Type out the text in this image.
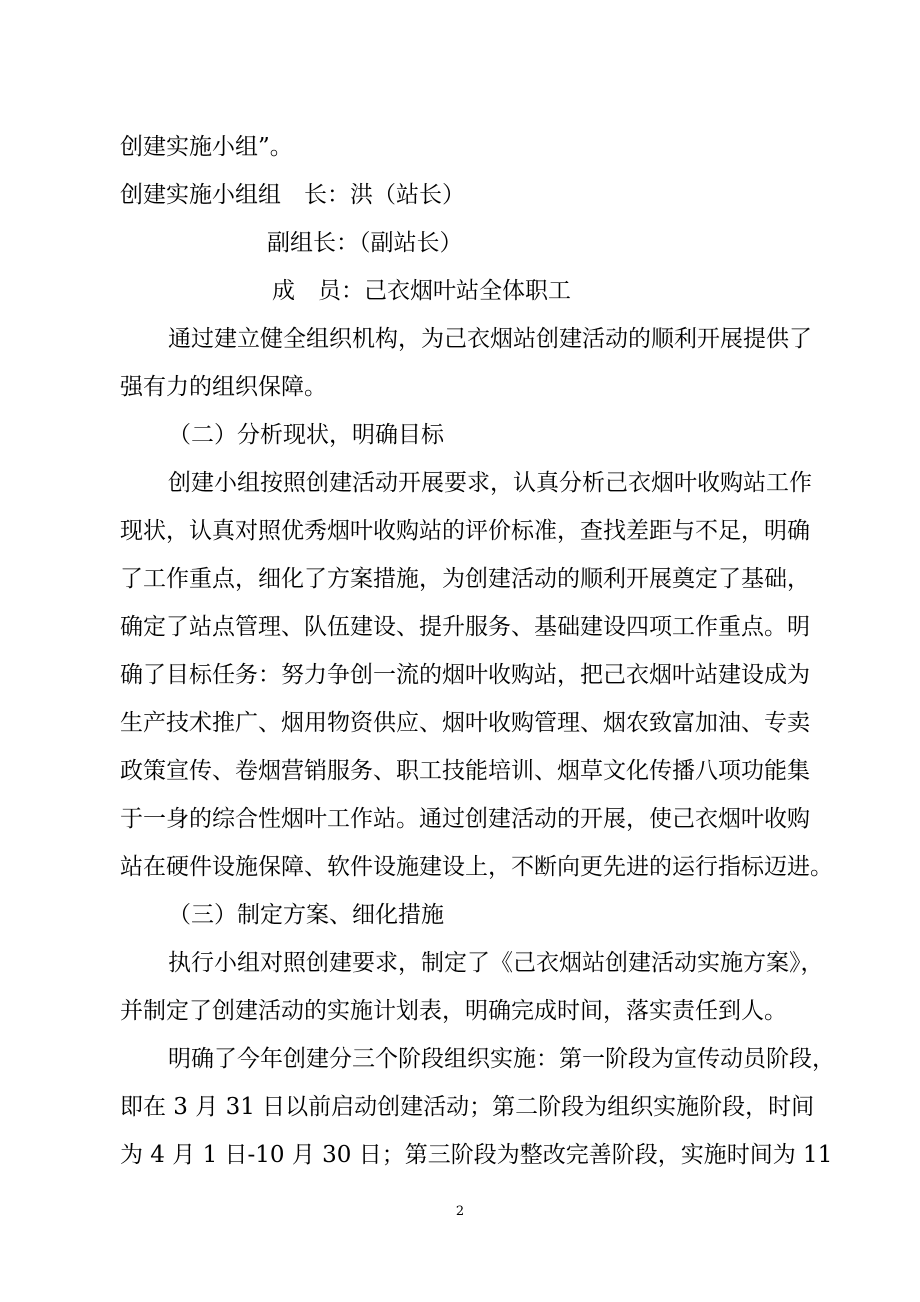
创建实施小组”。
创建实施小组组　长：洪（站长）
副组长：（副站长）
成　员：己衣烟叶站全体职工
通过建立健全组织机构，为己衣烟站创建活动的顺利开展提供了
强有力的组织保障。
（二）分析现状，明确目标
创建小组按照创建活动开展要求，认真分析己衣烟叶收购站工作
现状，认真对照优秀烟叶收购站的评价标准，查找差距与不足，明确
了工作重点，细化了方案措施，为创建活动的顺利开展奠定了基础，
确定了站点管理、队伍建设、提升服务、基础建设四项工作重点。明
确了目标任务：努力争创一流的烟叶收购站，把己衣烟叶站建设成为
生产技术推广、烟用物资供应、烟叶收购管理、烟农致富加油、专卖
政策宣传、卷烟营销服务、职工技能培训、烟草文化传播八项功能集
于一身的综合性烟叶工作站。通过创建活动的开展，使己衣烟叶收购
站在硬件设施保障、软件设施建设上，不断向更先进的运行指标迈进。
（三）制定方案、细化措施
执行小组对照创建要求，制定了《己衣烟站创建活动实施方案》，
并制定了创建活动的实施计划表，明确完成时间，落实责任到人。
明确了今年创建分三个阶段组织实施：第一阶段为宣传动员阶段，
即在 3 月 31 日以前启动创建活动；第二阶段为组织实施阶段，时间
为 4 月 1 日-10 月 30 日；第三阶段为整改完善阶段，实施时间为 11
2
